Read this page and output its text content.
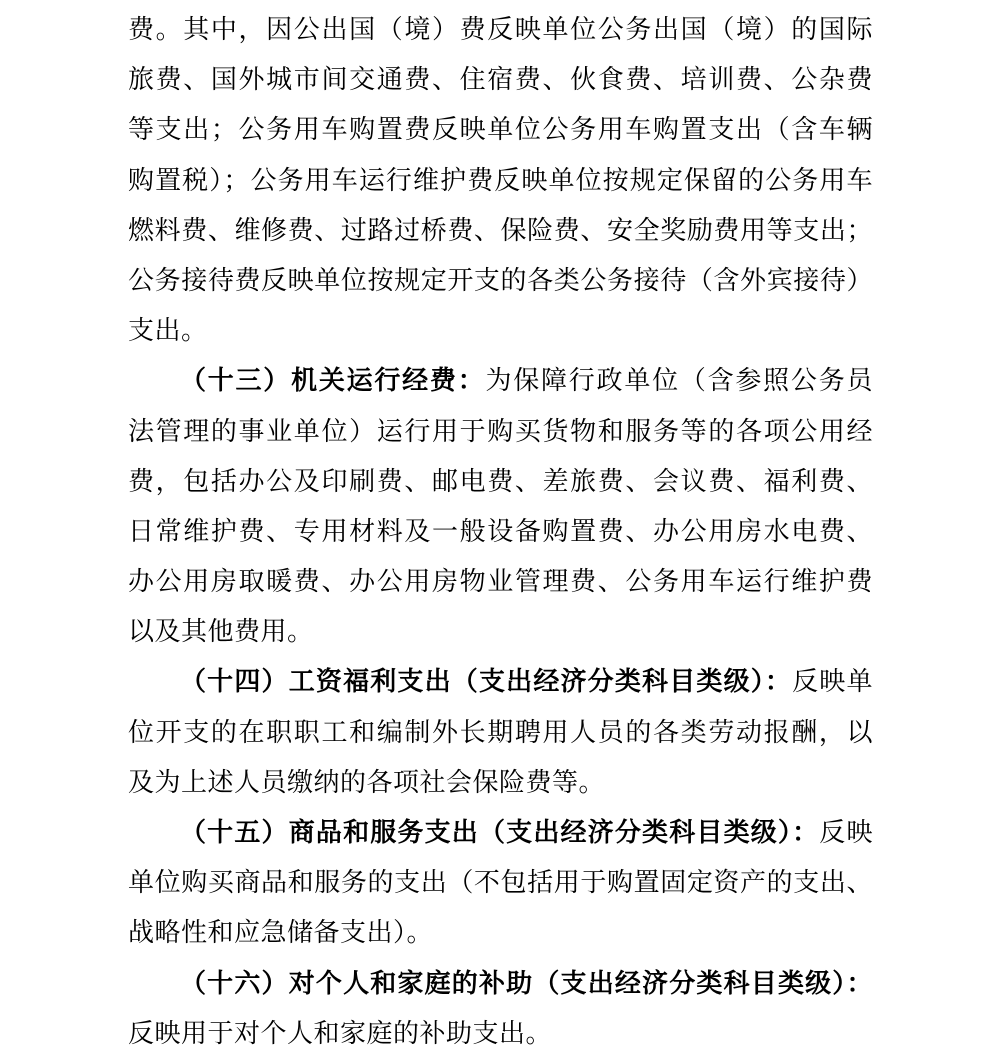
费。其中，因公出国（境）费反映单位公务出国（境）的国际
旅费、国外城市间交通费、住宿费、伙食费、培训费、公杂费
等支出；公务用车购置费反映单位公务用车购置支出（含车辆
购置税）；公务用车运行维护费反映单位按规定保留的公务用车
燃料费、维修费、过路过桥费、保险费、安全奖励费用等支出；
公务接待费反映单位按规定开支的各类公务接待（含外宾接待）
支出。
（十三）机关运行经费：为保障行政单位（含参照公务员
法管理的事业单位）运行用于购买货物和服务等的各项公用经
费，包括办公及印刷费、邮电费、差旅费、会议费、福利费、
日常维护费、专用材料及一般设备购置费、办公用房水电费、
办公用房取暖费、办公用房物业管理费、公务用车运行维护费
以及其他费用。
（十四）工资福利支出（支出经济分类科目类级）：反映单
位开支的在职职工和编制外长期聘用人员的各类劳动报酬，以
及为上述人员缴纳的各项社会保险费等。
（十五）商品和服务支出（支出经济分类科目类级）：反映
单位购买商品和服务的支出（不包括用于购置固定资产的支出、
战略性和应急储备支出）。
（十六）对个人和家庭的补助（支出经济分类科目类级）：
反映用于对个人和家庭的补助支出。
